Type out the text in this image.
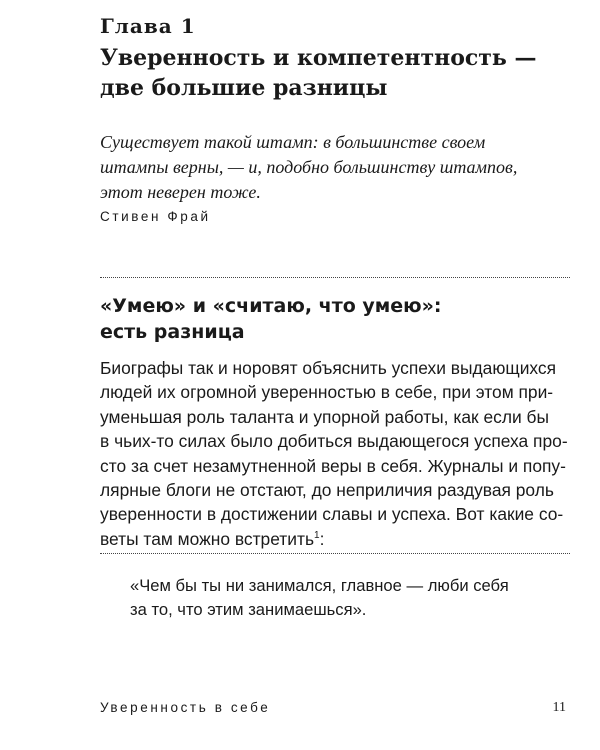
Глава 1
Уверенность и компетентность —
две большие разницы
Существует такой штамп: в большинстве своем
штампы верны, — и, подобно большинству штампов,
этот неверен тоже.
Стивен Фрай
«Умею» и «считаю, что умею»:
есть разница
Биографы так и норовят объяснить успехи выдающихся
людей их огромной уверенностью в себе, при этом при-
уменьшая роль таланта и упорной работы, как если бы
в чьих-то силах было добиться выдающегося успеха про-
сто за счет незамутненной веры в себя. Журналы и попу-
лярные блоги не отстают, до неприличия раздувая роль
уверенности в достижении славы и успеха. Вот какие со-
веты там можно встретить$^1$:
«Чем бы ты ни занимался, главное — люби себя
за то, что этим занимаешься».
Уверенность в себе	11
